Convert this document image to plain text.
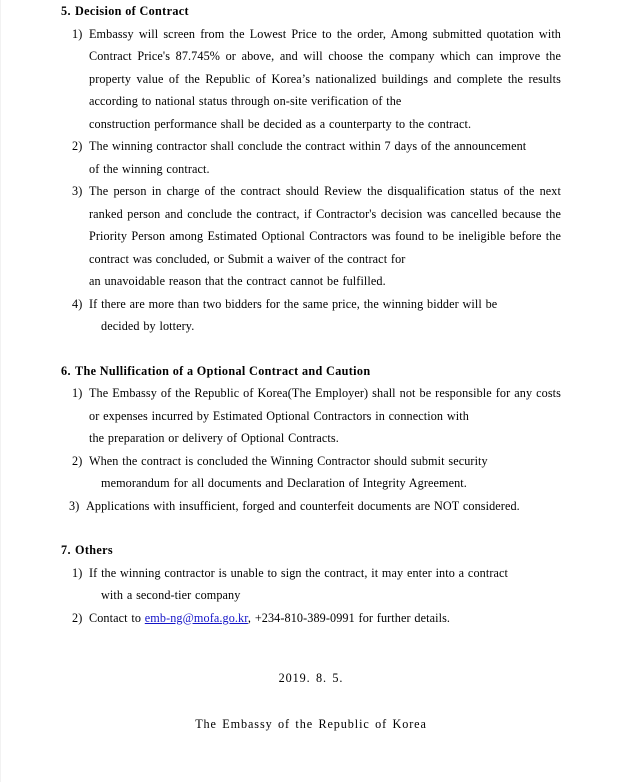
5. Decision of Contract
1) Embassy will screen from the Lowest Price to the order, Among submitted quotation with Contract Price's 87.745% or above, and will choose the company which can improve the property value of the Republic of Korea’s nationalized buildings and complete the results according to national status through on-site verification of the
construction performance shall be decided as a counterparty to the contract.
2) The winning contractor shall conclude the contract within 7 days of the announcement
of the winning contract.
3) The person in charge of the contract should Review the disqualification status of the next ranked person and conclude the contract, if Contractor's decision was cancelled because the Priority Person among Estimated Optional Contractors was found to be ineligible before the contract was concluded, or Submit a waiver of the contract for
an unavoidable reason that the contract cannot be fulfilled.
4) If there are more than two bidders for the same price, the winning bidder will be
decided by lottery.
6. The Nullification of a Optional Contract and Caution
1) The Embassy of the Republic of Korea(The Employer) shall not be responsible for any costs or expenses incurred by Estimated Optional Contractors in connection with
the preparation or delivery of Optional Contracts.
2) When the contract is concluded the Winning Contractor should submit security
memorandum for all documents and Declaration of Integrity Agreement.
3) Applications with insufficient, forged and counterfeit documents are NOT considered.
7. Others
1) If the winning contractor is unable to sign the contract, it may enter into a contract
with a second-tier company
2) Contact to emb-ng@mofa.go.kr, +234-810-389-0991 for further details.
2019. 8. 5.
The Embassy of the Republic of Korea
